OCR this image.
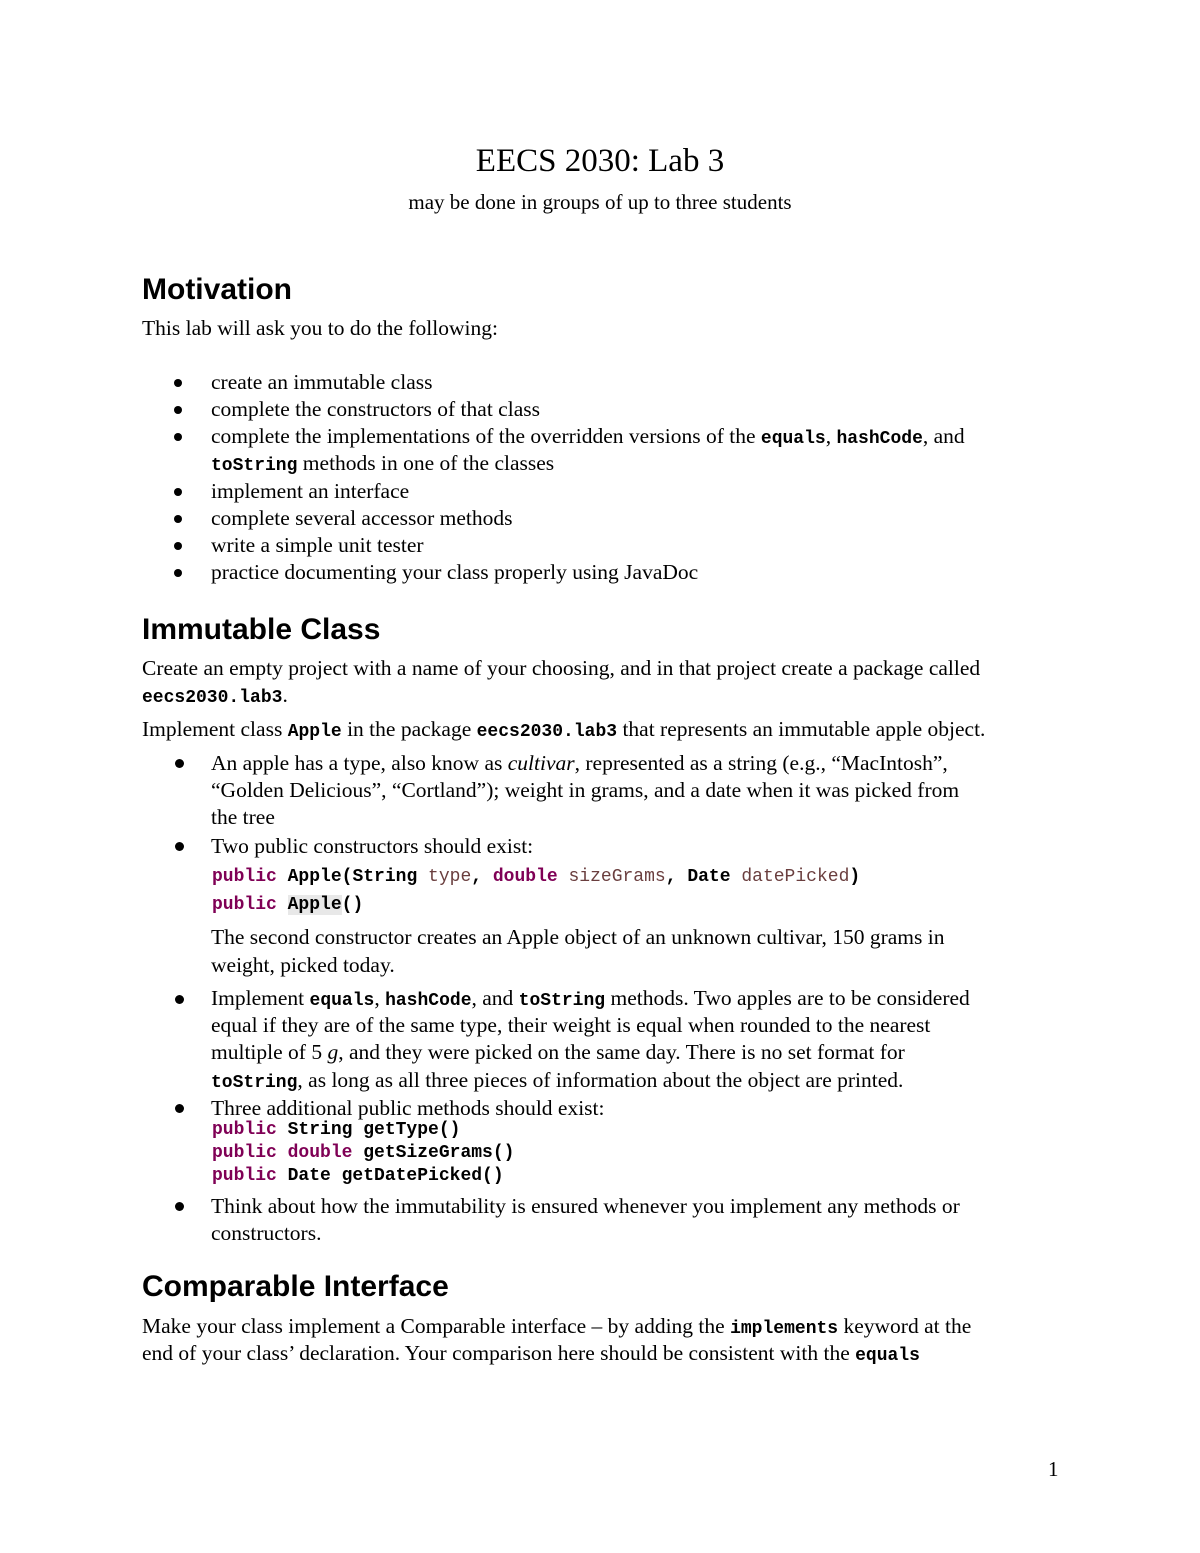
EECS 2030: Lab 3
may be done in groups of up to three students
Motivation
This lab will ask you to do the following:
create an immutable class
complete the constructors of that class
complete the implementations of the overridden versions of the equals, hashCode, and
toString methods in one of the classes
implement an interface
complete several accessor methods
write a simple unit tester
practice documenting your class properly using JavaDoc
Immutable Class
Create an empty project with a name of your choosing, and in that project create a package called
eecs2030.lab3.
Implement class Apple in the package eecs2030.lab3 that represents an immutable apple object.
An apple has a type, also know as cultivar, represented as a string (e.g., “MacIntosh”,
“Golden Delicious”, “Cortland”); weight in grams, and a date when it was picked from
the tree
Two public constructors should exist:
public Apple(String type, double sizeGrams, Date datePicked)
public Apple()
The second constructor creates an Apple object of an unknown cultivar, 150 grams in
weight, picked today.
Implement equals, hashCode, and toString methods. Two apples are to be considered
equal if they are of the same type, their weight is equal when rounded to the nearest
multiple of 5 g, and they were picked on the same day. There is no set format for
toString, as long as all three pieces of information about the object are printed.
Three additional public methods should exist:
public String getType()
public double getSizeGrams()
public Date getDatePicked()
Think about how the immutability is ensured whenever you implement any methods or
constructors.
Comparable Interface
Make your class implement a Comparable interface – by adding the implements keyword at the
end of your class’ declaration. Your comparison here should be consistent with the equals
1
